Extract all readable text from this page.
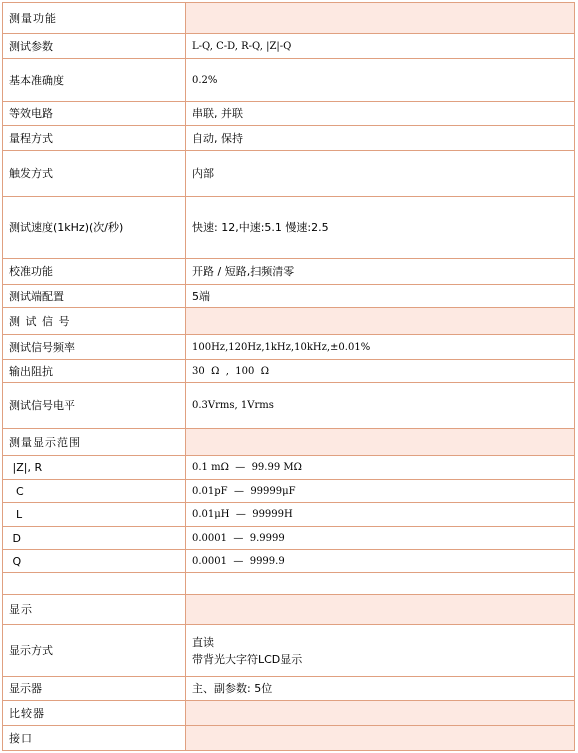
测量功能	
测试参数	L-Q, C-D, R-Q, |Z|-Q
基本准确度	0.2%
等效电路	串联, 并联
量程方式	自动, 保持
触发方式	内部
测试速度(1kHz)(次/秒)	快速: 12,中速:5.1 慢速:2.5
校准功能	开路 / 短路,扫频清零
测试端配置	5端
测 试 信 号	
测试信号频率	100Hz,120Hz,1kHz,10kHz,±0.01%
输出阻抗	30  Ω  ,  100  Ω
测试信号电平	0.3Vrms, 1Vrms
测量显示范围	
|Z|, R	0.1 mΩ  —  99.99 MΩ
C	0.01pF  —  99999μF
L	0.01μH  —  99999H
D	0.0001  —  9.9999
Q	0.0001  —  9999.9

显示	
显示方式	直读
带背光大字符LCD显示
显示器	主、副参数: 5位
比较器	
接口	
